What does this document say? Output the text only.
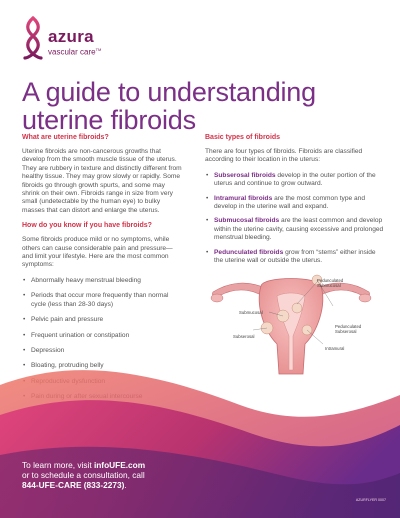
azura
vascular care™
A guide to understanding uterine fibroids
What are uterine fibroids?
Uterine fibroids are non-cancerous growths that develop from the smooth muscle tissue of the uterus. They are rubbery in texture and distinctly different from healthy tissue. They may grow slowly or rapidly. Some fibroids go through growth spurts, and some may shrink on their own. Fibroids range in size from very small (undetectable by the human eye) to bulky masses that can distort and enlarge the uterus.
How do you know if you have fibroids?
Some fibroids produce mild or no symptoms, while others can cause considerable pain and pressure—and limit your lifestyle. Here are the most common symptoms:
• Abnormally heavy menstrual bleeding
• Periods that occur more frequently than normal cycle (less than 28-30 days)
• Pelvic pain and pressure
• Frequent urination or constipation
• Depression
• Bloating, protruding belly
•
•
Basic types of fibroids
There are four types of fibroids. Fibroids are classified according to their location in the uterus:
• Subserosal fibroids develop in the outer portion of the uterus and continue to grow outward.
• Intramural fibroids are the most common type and develop in the uterine wall and expand.
• Submucosal fibroids are the least common and develop within the uterine cavity, causing excessive and prolonged menstrual bleeding.
• Pedunculated fibroids grow from “stems” either inside the uterine wall or outside the uterus.
Pedunculated Submucosal
Submucosal
Subserosal
Pedunculated Subserosal
Intramural
To learn more, visit infoUFE.com
or to schedule a consultation, call
844-UFE-CARE (833-2273).
AZURFLYER 0007
